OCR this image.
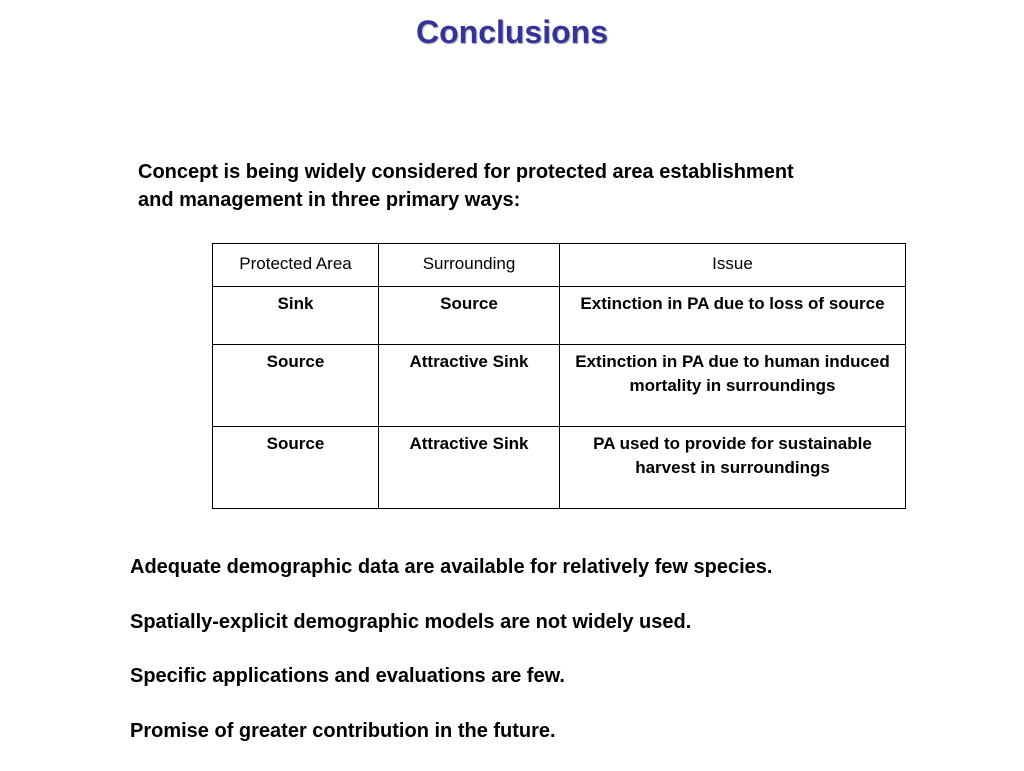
Conclusions
Concept is being widely considered for protected area establishment
and management in three primary ways:
Protected Area	Surrounding	Issue
Sink	Source	Extinction in PA due to loss of source
Source	Attractive Sink	Extinction in PA due to human induced mortality in surroundings
Source	Attractive Sink	PA used to provide for sustainable harvest in surroundings
Adequate demographic data are available for relatively few species.
Spatially-explicit demographic models are not widely used.
Specific applications and evaluations are few.
Promise of greater contribution in the future.
